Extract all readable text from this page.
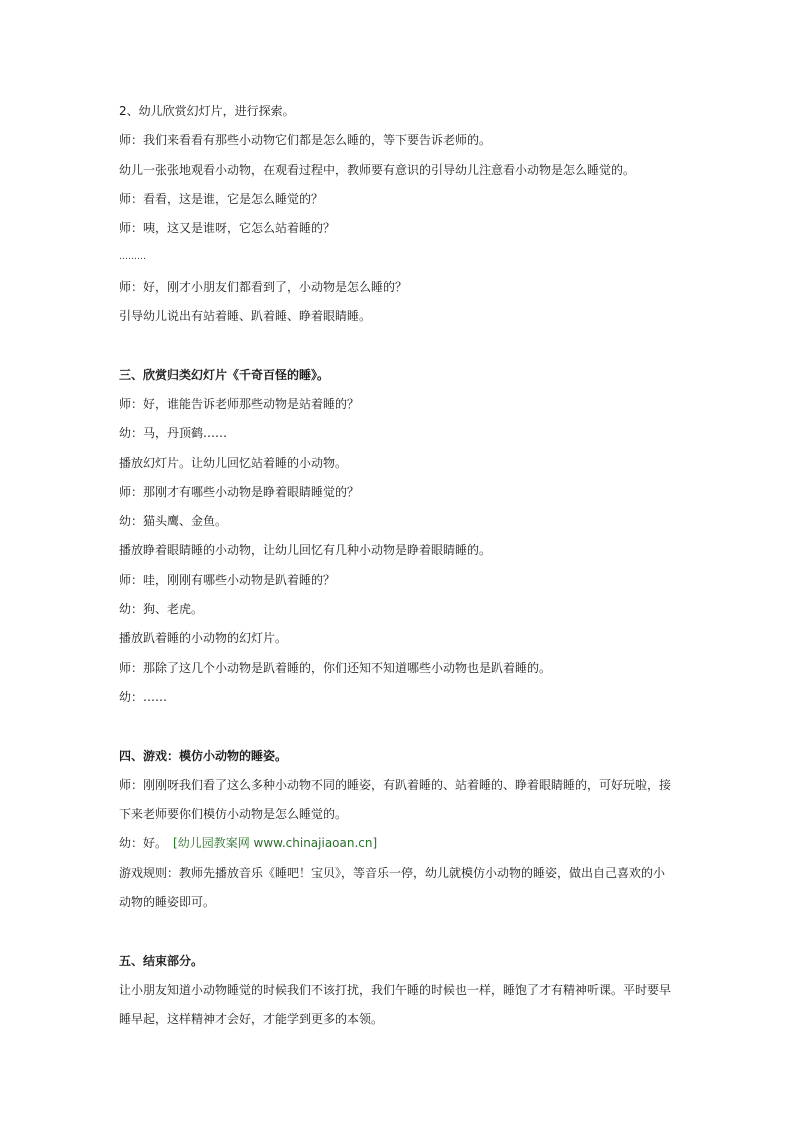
2、幼儿欣赏幻灯片，进行探索。
师：我们来看看有那些小动物它们都是怎么睡的，等下要告诉老师的。
幼儿一张张地观看小动物，在观看过程中，教师要有意识的引导幼儿注意看小动物是怎么睡觉的。
师：看看，这是谁，它是怎么睡觉的？
师：咦，这又是谁呀，它怎么站着睡的？
………
师：好，刚才小朋友们都看到了，小动物是怎么睡的？
引导幼儿说出有站着睡、趴着睡、睁着眼睛睡。
三、欣赏归类幻灯片《千奇百怪的睡》。
师：好，谁能告诉老师那些动物是站着睡的？
幼：马，丹顶鹤……
播放幻灯片。让幼儿回忆站着睡的小动物。
师：那刚才有哪些小动物是睁着眼睛睡觉的？
幼：猫头鹰、金鱼。
播放睁着眼睛睡的小动物，让幼儿回忆有几种小动物是睁着眼睛睡的。
师：哇，刚刚有哪些小动物是趴着睡的？
幼：狗、老虎。
播放趴着睡的小动物的幻灯片。
师：那除了这几个小动物是趴着睡的，你们还知不知道哪些小动物也是趴着睡的。
幼：……
四、游戏：模仿小动物的睡姿。
师：刚刚呀我们看了这么多种小动物不同的睡姿，有趴着睡的、站着睡的、睁着眼睛睡的，可好玩啦，接
下来老师要你们模仿小动物是怎么睡觉的。
幼：好。 [幼儿园教案网 www.chinajiaoan.cn]
游戏规则：教师先播放音乐《睡吧！宝贝》，等音乐一停，幼儿就模仿小动物的睡姿，做出自己喜欢的小
动物的睡姿即可。
五、结束部分。
让小朋友知道小动物睡觉的时候我们不该打扰，我们午睡的时候也一样，睡饱了才有精神听课。平时要早
睡早起，这样精神才会好，才能学到更多的本领。
